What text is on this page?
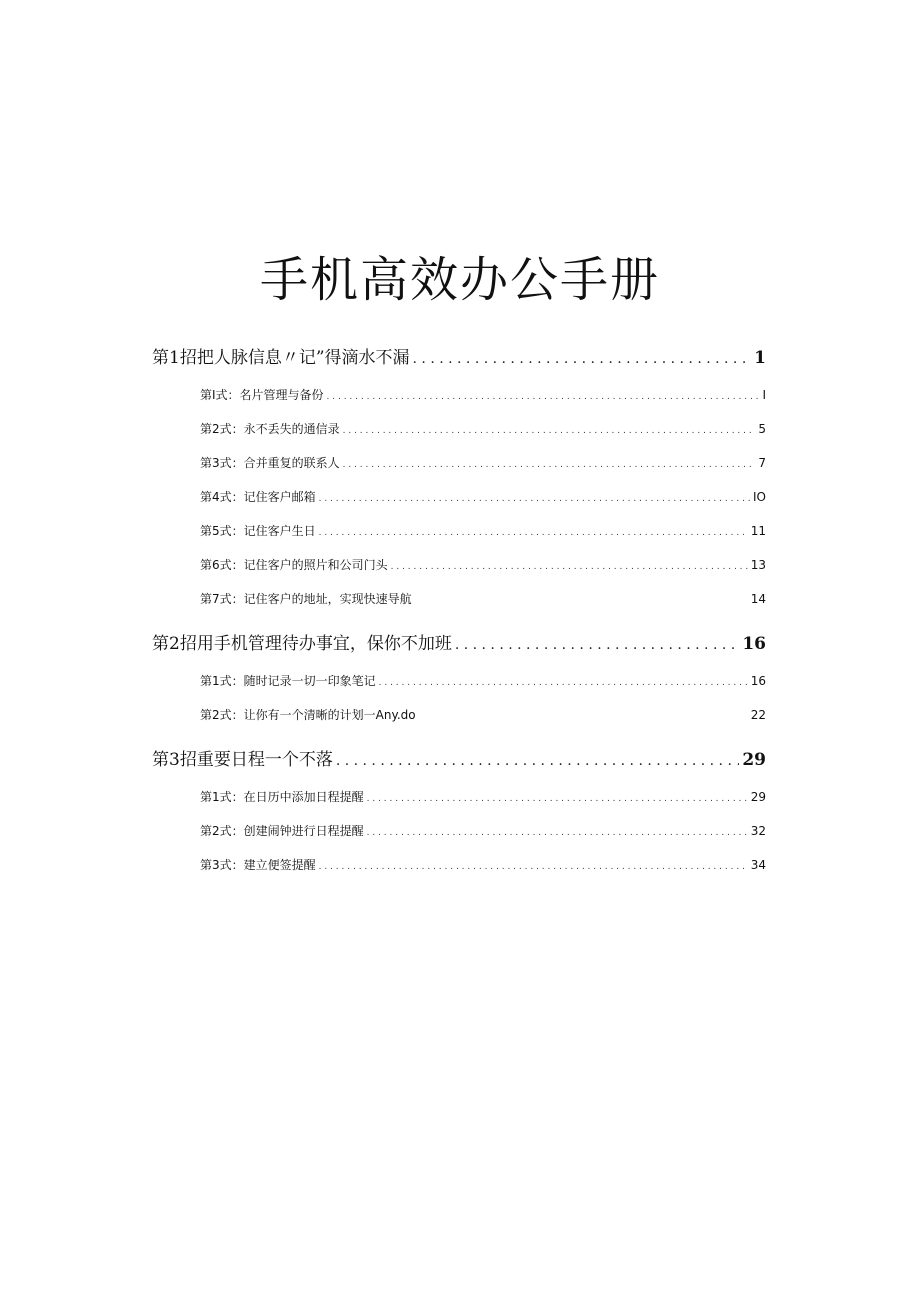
手机高效办公手册
第1招把人脉信息〃记”得滴水不漏 . . .	1
第I式：名片管理与备份 . . .	I
第2式：永不丢失的通信录 . . .	5
第3式：合并重复的联系人 . . .	7
第4式：记住客户邮箱 . . .	IO
第5式：记住客户生日 . . .	11
第6式：记住客户的照片和公司门头 . . .	13
第7式：记住客户的地址，实现快速导航	14
第2招用手机管理待办事宜，保你不加班 . . .	16
第1式：随时记录一切一印象笔记 . . .	16
第2式：让你有一个清晰的计划一Any.do	22
第3招重要日程一个不落 . . .	29
第1式：在日历中添加日程提醒 . . .	29
第2式：创建闹钟进行日程提醒 . . .	32
第3式：建立便签提醒 . . .	34
